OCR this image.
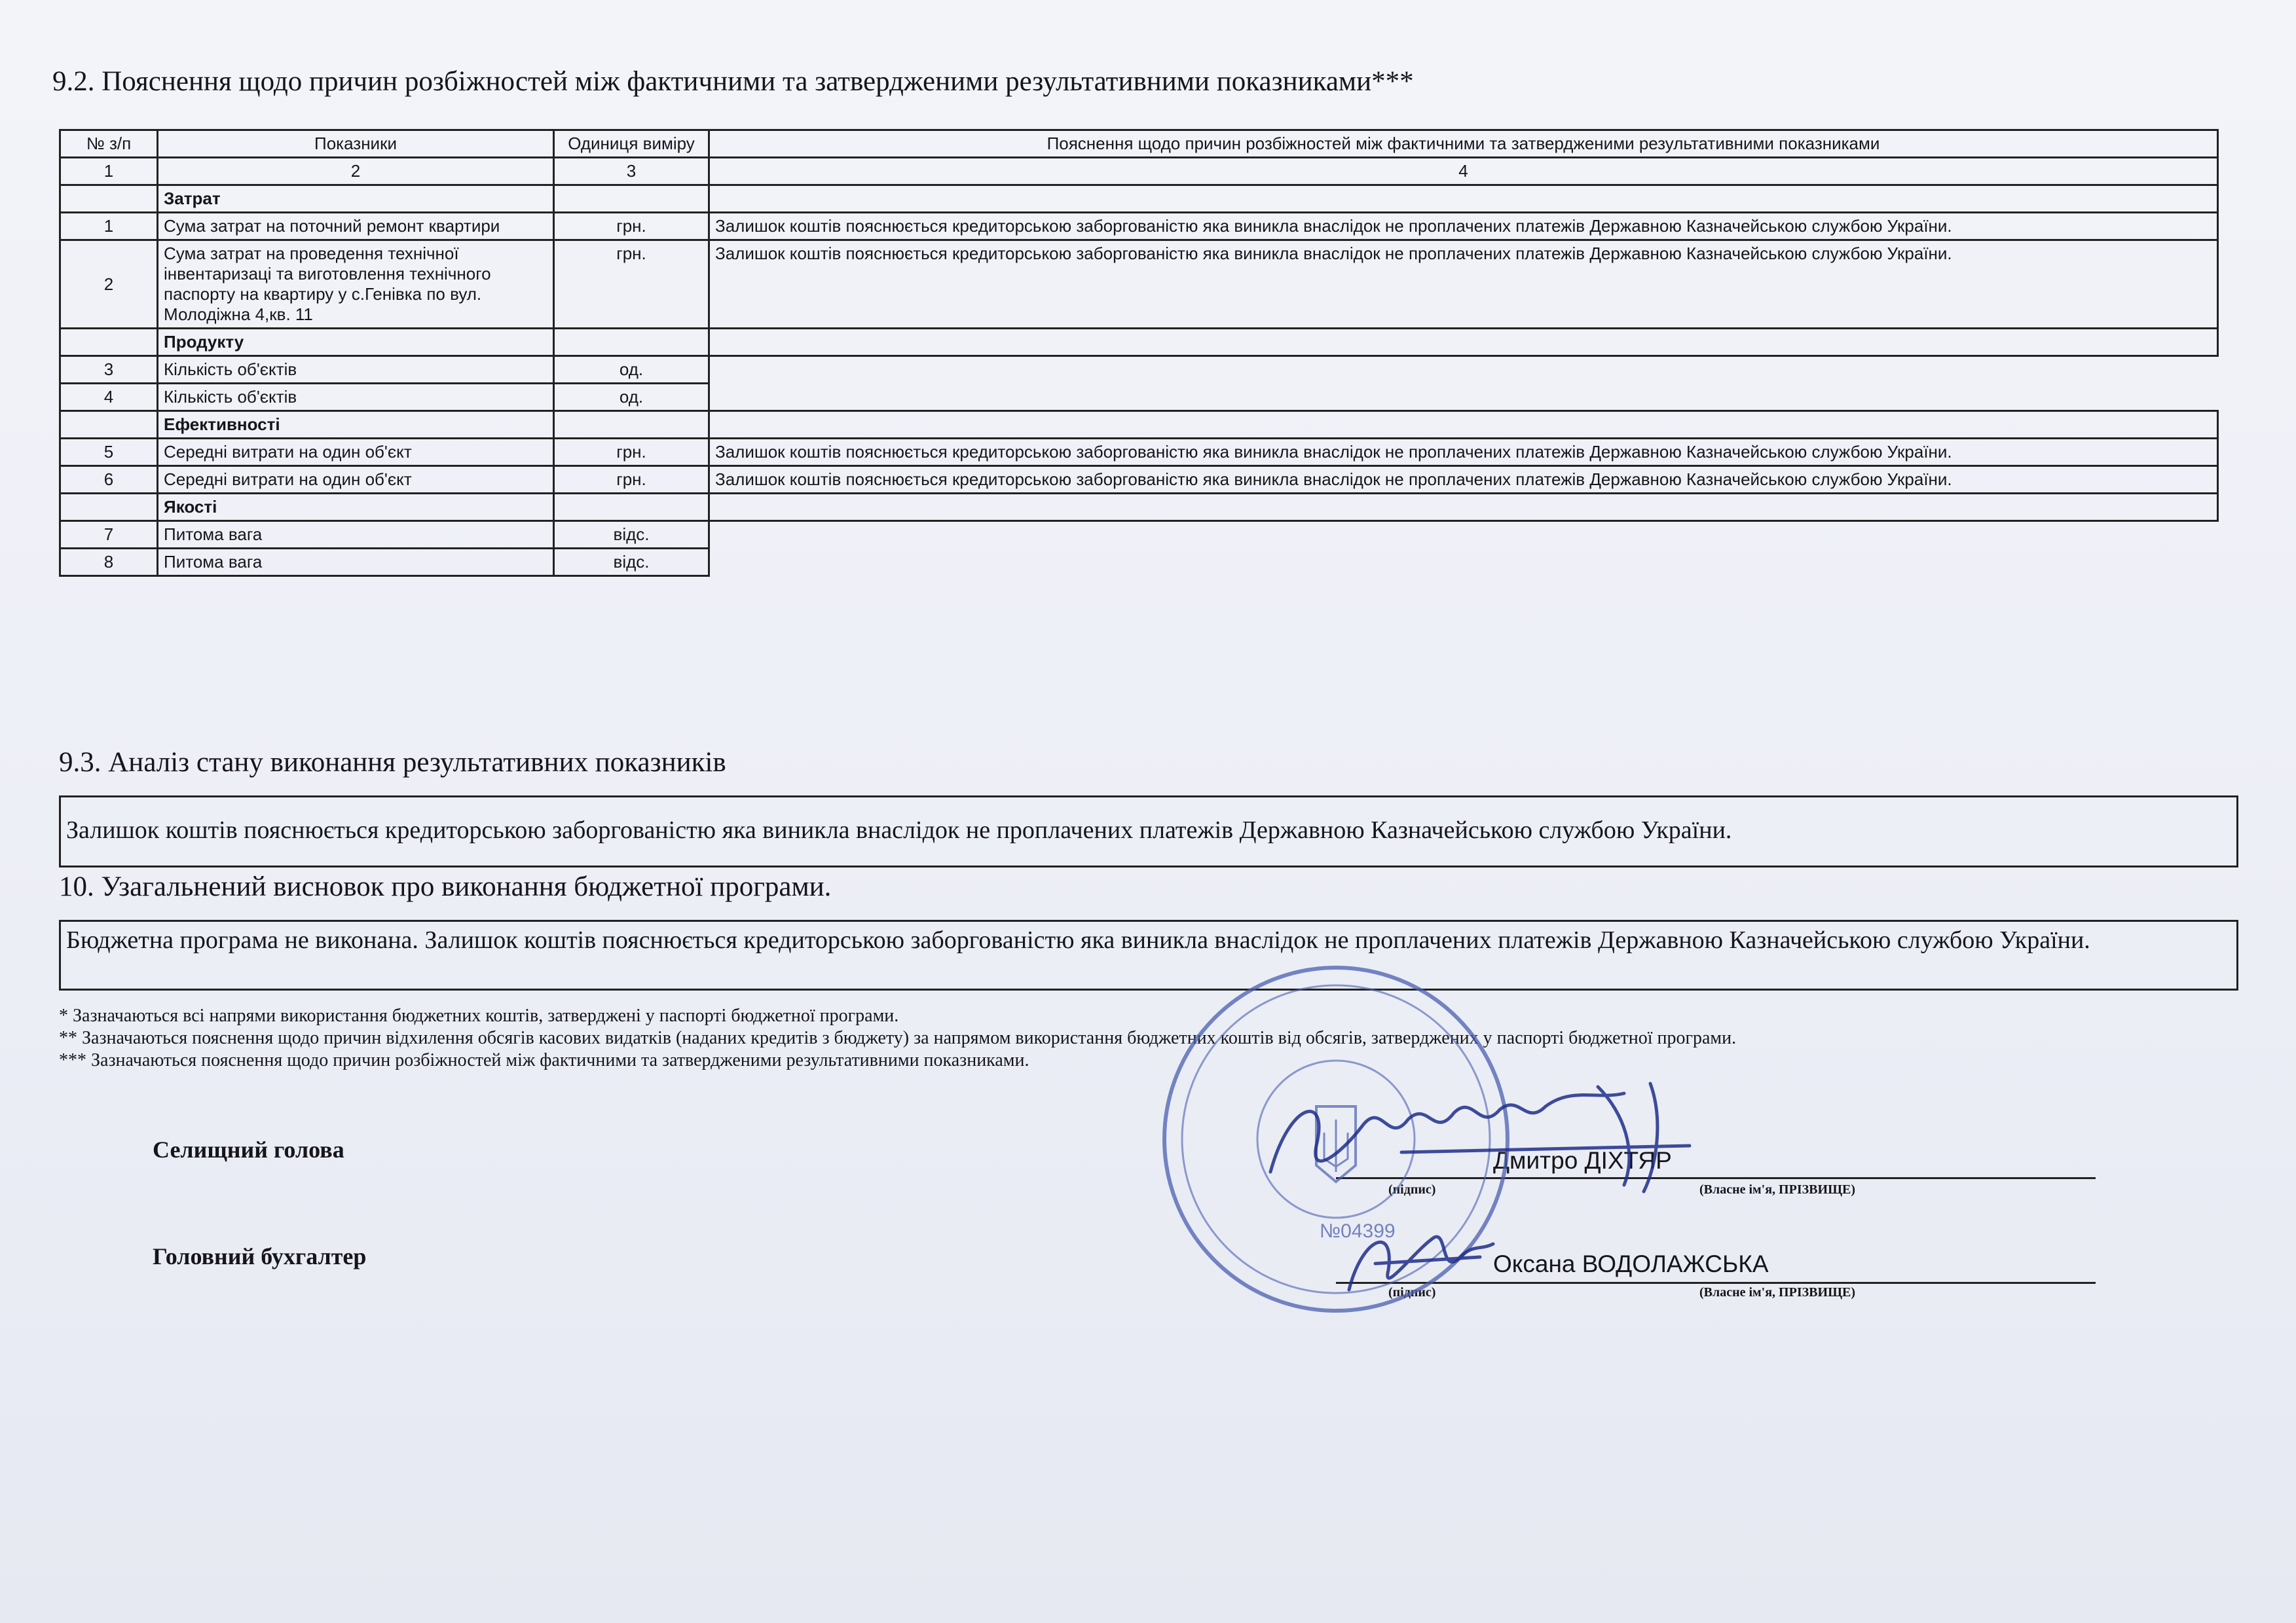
9.2. Пояснення щодо причин розбіжностей між фактичними та затвердженими результативними показниками***
№ з/п	Показники	Одиниця виміру	Пояснення щодо причин розбіжностей між фактичними та затвердженими результативними показниками
1	2	3	4
	Затрат		
1	Сума затрат на поточний ремонт квартири	грн.	Залишок коштів пояснюється кредиторською заборгованістю яка виникла внаслідок не проплачених платежів Державною Казначейською службою України.
2	Сума затрат на проведення технічної інвентаризаці та виготовлення технічного паспорту на квартиру у с.Генівка по вул. Молодіжна 4,кв. 11	грн.	Залишок коштів пояснюється кредиторською заборгованістю яка виникла внаслідок не проплачених платежів Державною Казначейською службою України.
	Продукту		
3	Кількість об'єктів	од.	
4	Кількість об'єктів	од.	
	Ефективності		
5	Середні витрати на один об'єкт	грн.	Залишок коштів пояснюється кредиторською заборгованістю яка виникла внаслідок не проплачених платежів Державною Казначейською службою України.
6	Середні витрати на один об'єкт	грн.	Залишок коштів пояснюється кредиторською заборгованістю яка виникла внаслідок не проплачених платежів Державною Казначейською службою України.
	Якості		
7	Питома вага	відс.	
8	Питома вага	відс.	
9.3. Аналіз стану виконання результативних показників
Залишок коштів пояснюється кредиторською заборгованістю яка виникла внаслідок не проплачених платежів Державною Казначейською службою України.
10. Узагальнений висновок про виконання бюджетної програми.
Бюджетна програма не виконана. Залишок коштів пояснюється кредиторською заборгованістю яка виникла внаслідок не проплачених платежів Державною Казначейською службою України.
* Зазначаються всі напрями використання бюджетних коштів, затверджені у паспорті бюджетної програми.
** Зазначаються пояснення щодо причин відхилення обсягів касових видатків (наданих кредитів з бюджету) за напрямом використання бюджетних коштів від обсягів, затверджених у паспорті бюджетної програми.
*** Зазначаються пояснення щодо причин розбіжностей між фактичними та затвердженими результативними показниками.
Селищний голова	Дмитро ДІХТЯР
(підпис)	(Власне ім'я, ПРІЗВИЩЕ)
Головний бухгалтер	Оксана ВОДОЛАЖСЬКА
(підпис)	(Власне ім'я, ПРІЗВИЩЕ)
№04399
